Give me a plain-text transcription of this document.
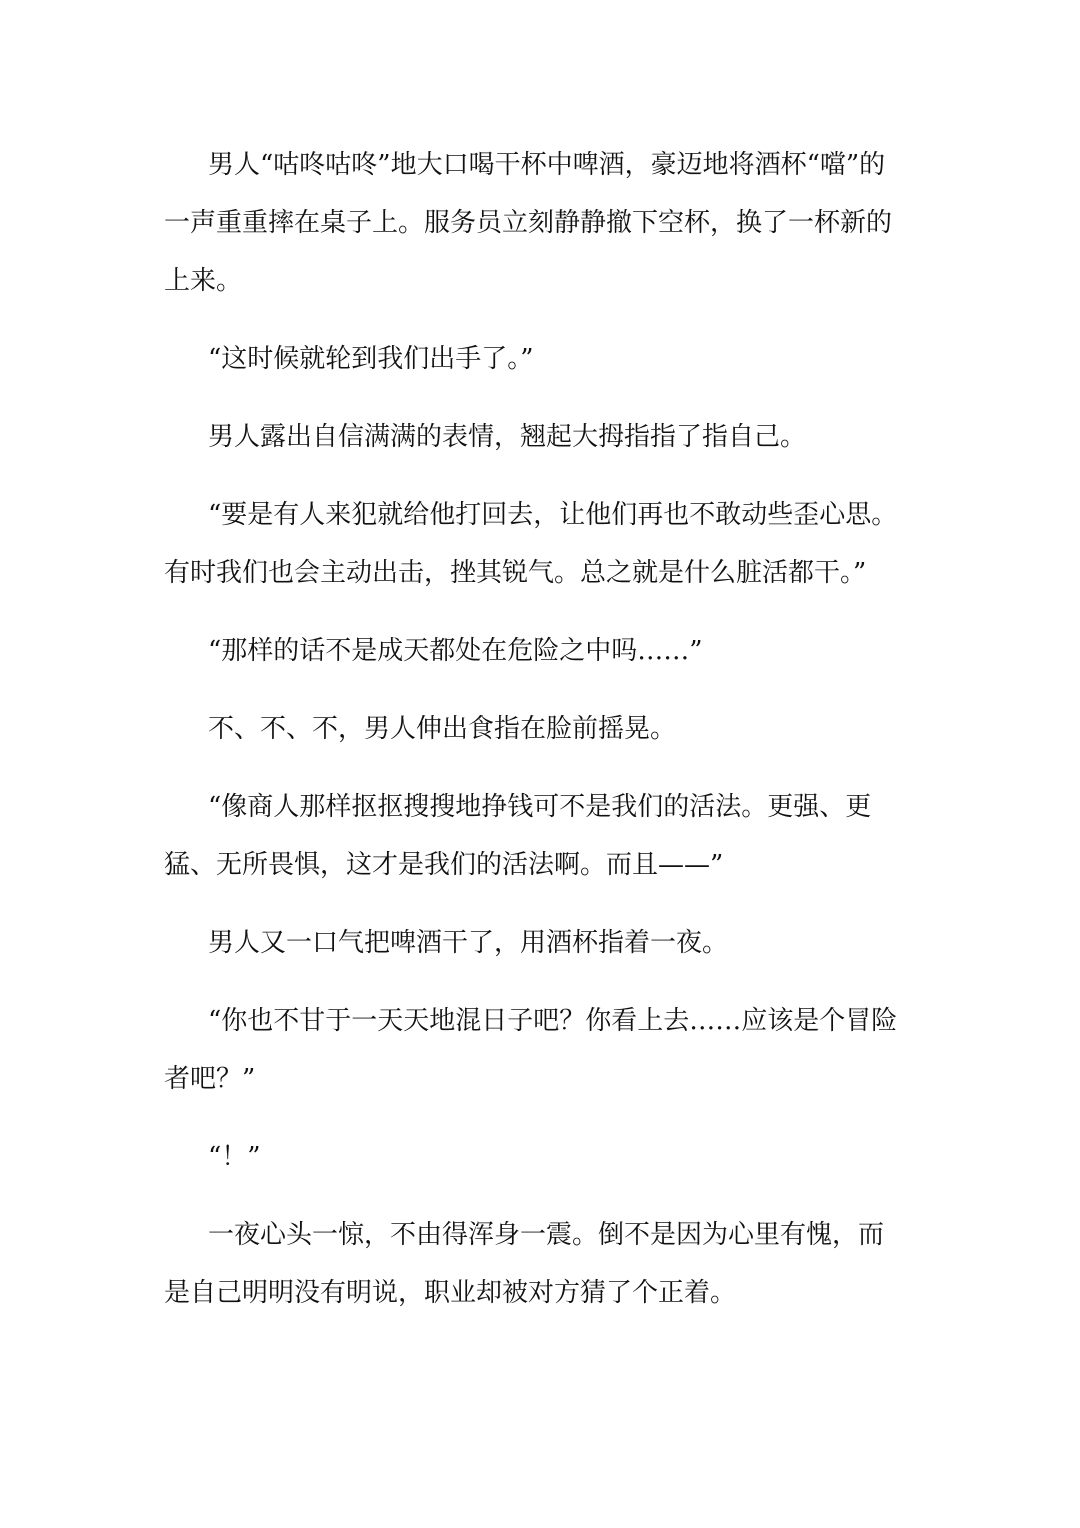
男人“咕咚咕咚”地大口喝干杯中啤酒，豪迈地将酒杯“噹”的一声重重摔在桌子上。服务员立刻静静撤下空杯，换了一杯新的上来。

“这时候就轮到我们出手了。”

男人露出自信满满的表情，翘起大拇指指了指自己。

“要是有人来犯就给他打回去，让他们再也不敢动些歪心思。有时我们也会主动出击，挫其锐气。总之就是什么脏活都干。”

“那样的话不是成天都处在危险之中吗……”

不、不、不，男人伸出食指在脸前摇晃。

“像商人那样抠抠搜搜地挣钱可不是我们的活法。更强、更猛、无所畏惧，这才是我们的活法啊。而且——”

男人又一口气把啤酒干了，用酒杯指着一夜。

“你也不甘于一天天地混日子吧？你看上去……应该是个冒险者吧？”

“！”

一夜心头一惊，不由得浑身一震。倒不是因为心里有愧，而是自己明明没有明说，职业却被对方猜了个正着。
